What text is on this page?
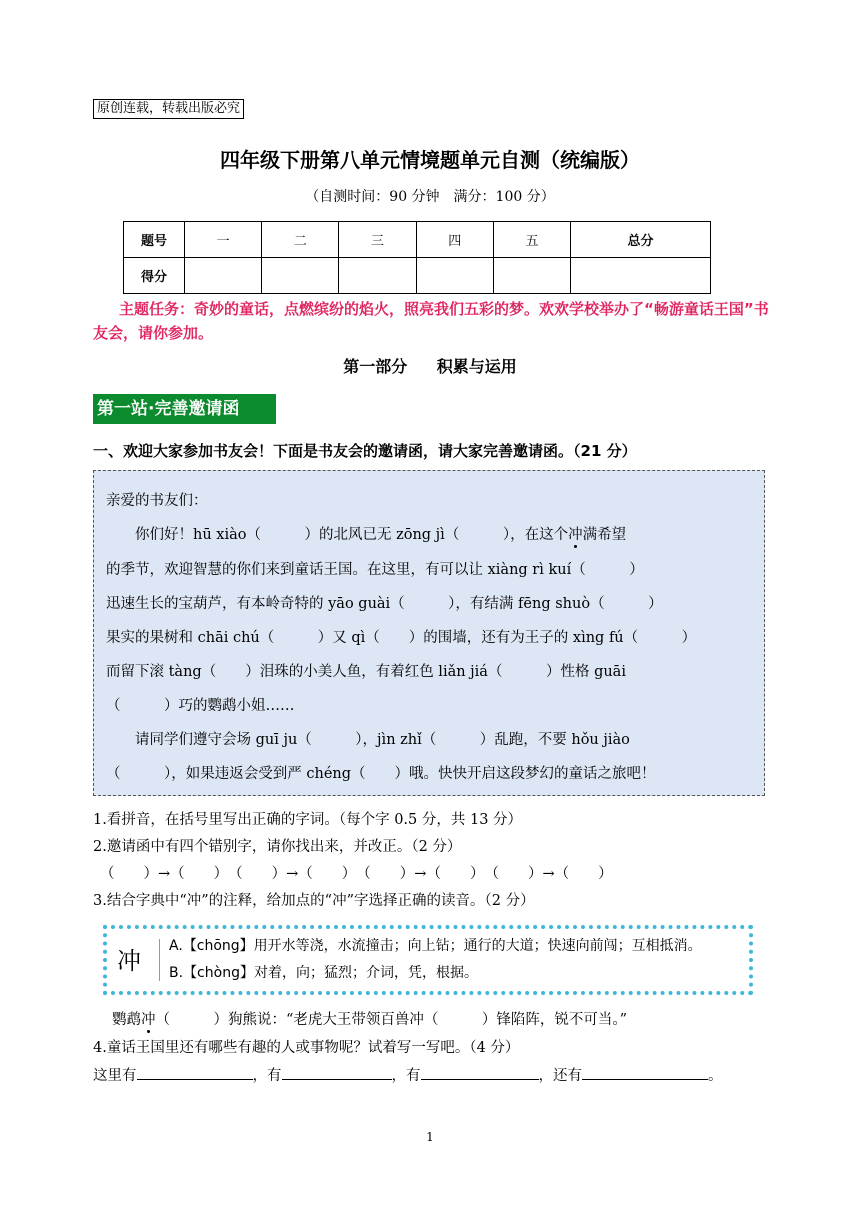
原创连载，转载出版必究
四年级下册第八单元情境题单元自测（统编版）
（自测时间：90 分钟　满分：100 分）
题号	一	二	三	四	五	总分
得分						
主题任务：奇妙的童话，点燃缤纷的焰火，照亮我们五彩的梦。欢欢学校举办了“畅游童话王国”书友会，请你参加。
第一部分 积累与运用
第一站·完善邀请函
一、欢迎大家参加书友会！下面是书友会的邀请函，请大家完善邀请函。（21 分）
亲爱的书友们：
你们好！hū xiào（　　　）的北风已无 zōng jì（　　　），在这个冲满希望
的季节，欢迎智慧的你们来到童话王国。在这里，有可以让 xiàng rì kuí（　　　）
迅速生长的宝葫芦，有本岭奇特的 yāo guài（　　　），有结满 fēng shuò（　　　）
果实的果树和 chāi chú（　　　）又 qì（　　）的围墙，还有为王子的 xìng fú（　　　）
而留下滚 tàng（　　）泪珠的小美人鱼，有着红色 liǎn jiá（　　　）性格 guāi
（　　　）巧的鹦鹉小姐……
请同学们遵守会场 guī ju（　　　），jìn zhǐ（　　　）乱跑，不要 hǒu jiào
（　　　），如果违返会受到严 chéng（　　）哦。快快开启这段梦幻的童话之旅吧！
1.看拼音，在括号里写出正确的字词。（每个字 0.5 分，共 13 分）
2.邀请函中有四个错别字，请你找出来，并改正。（2 分）
（　　）→（　　）　（　　）→（　　）　（　　）→（　　）　（　　）→（　　）
3.结合字典中“冲”的注释，给加点的“冲”字选择正确的读音。（2 分）
冲
A.【chōng】用开水等浇，水流撞击；向上钻；通行的大道；快速向前闯；互相抵消。
B.【chòng】对着，向；猛烈；介词，凭，根据。
鹦鹉冲（　　　）狗熊说：“老虎大王带领百兽冲（　　　）锋陷阵，锐不可当。”
4.童话王国里还有哪些有趣的人或事物呢？试着写一写吧。（4 分）
这里有	，有	，有	，还有	。
1
